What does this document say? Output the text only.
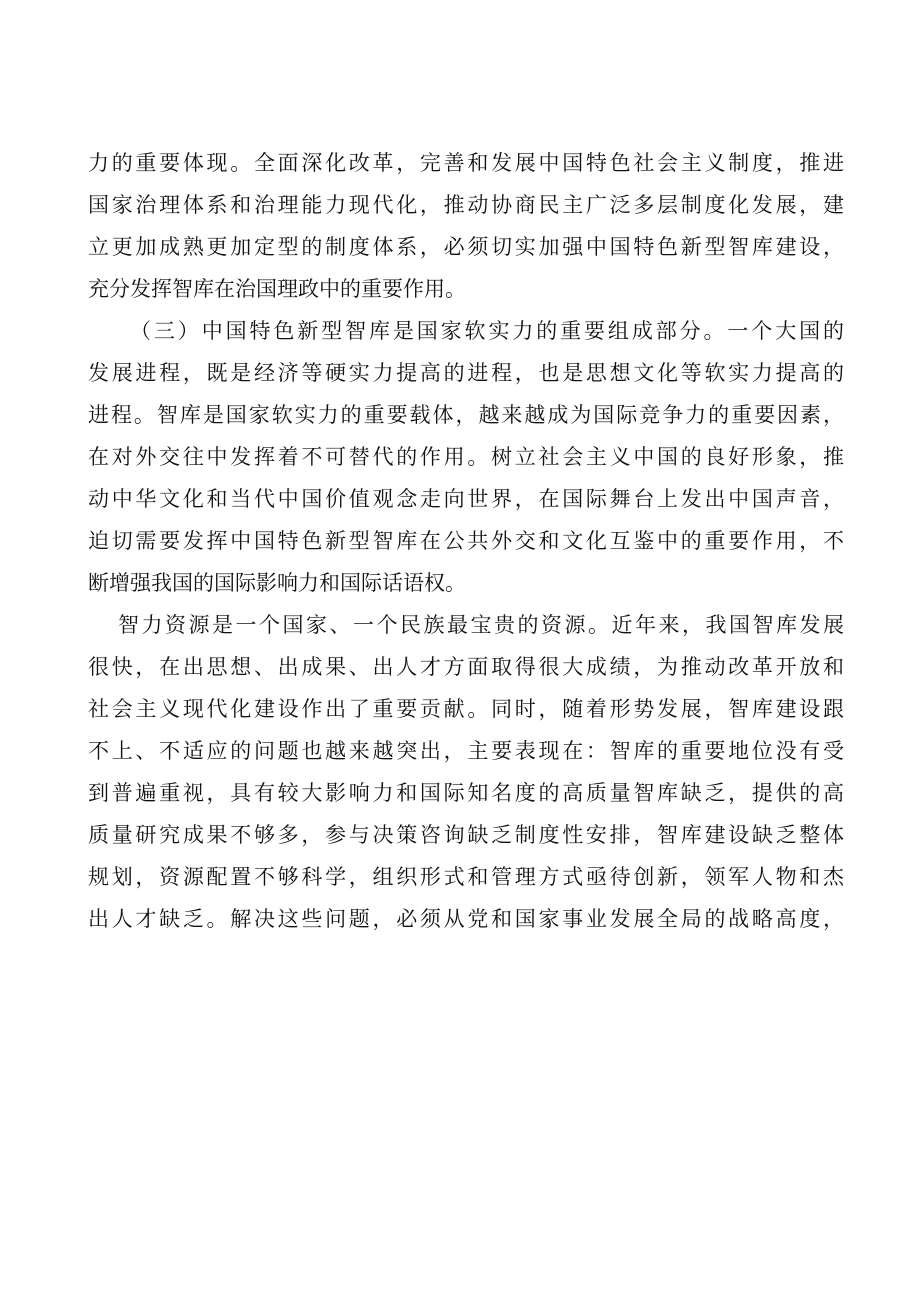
力的重要体现。全面深化改革，完善和发展中国特色社会主义制度，推进
国家治理体系和治理能力现代化，推动协商民主广泛多层制度化发展，建
立更加成熟更加定型的制度体系，必须切实加强中国特色新型智库建设，
充分发挥智库在治国理政中的重要作用。
（三）中国特色新型智库是国家软实力的重要组成部分。一个大国的
发展进程，既是经济等硬实力提高的进程，也是思想文化等软实力提高的
进程。智库是国家软实力的重要载体，越来越成为国际竞争力的重要因素，
在对外交往中发挥着不可替代的作用。树立社会主义中国的良好形象，推
动中华文化和当代中国价值观念走向世界，在国际舞台上发出中国声音，
迫切需要发挥中国特色新型智库在公共外交和文化互鉴中的重要作用，不
断增强我国的国际影响力和国际话语权。
智力资源是一个国家、一个民族最宝贵的资源。近年来，我国智库发展
很快，在出思想、出成果、出人才方面取得很大成绩，为推动改革开放和
社会主义现代化建设作出了重要贡献。同时，随着形势发展，智库建设跟
不上、不适应的问题也越来越突出，主要表现在：智库的重要地位没有受
到普遍重视，具有较大影响力和国际知名度的高质量智库缺乏，提供的高
质量研究成果不够多，参与决策咨询缺乏制度性安排，智库建设缺乏整体
规划，资源配置不够科学，组织形式和管理方式亟待创新，领军人物和杰
出人才缺乏。解决这些问题，必须从党和国家事业发展全局的战略高度，
